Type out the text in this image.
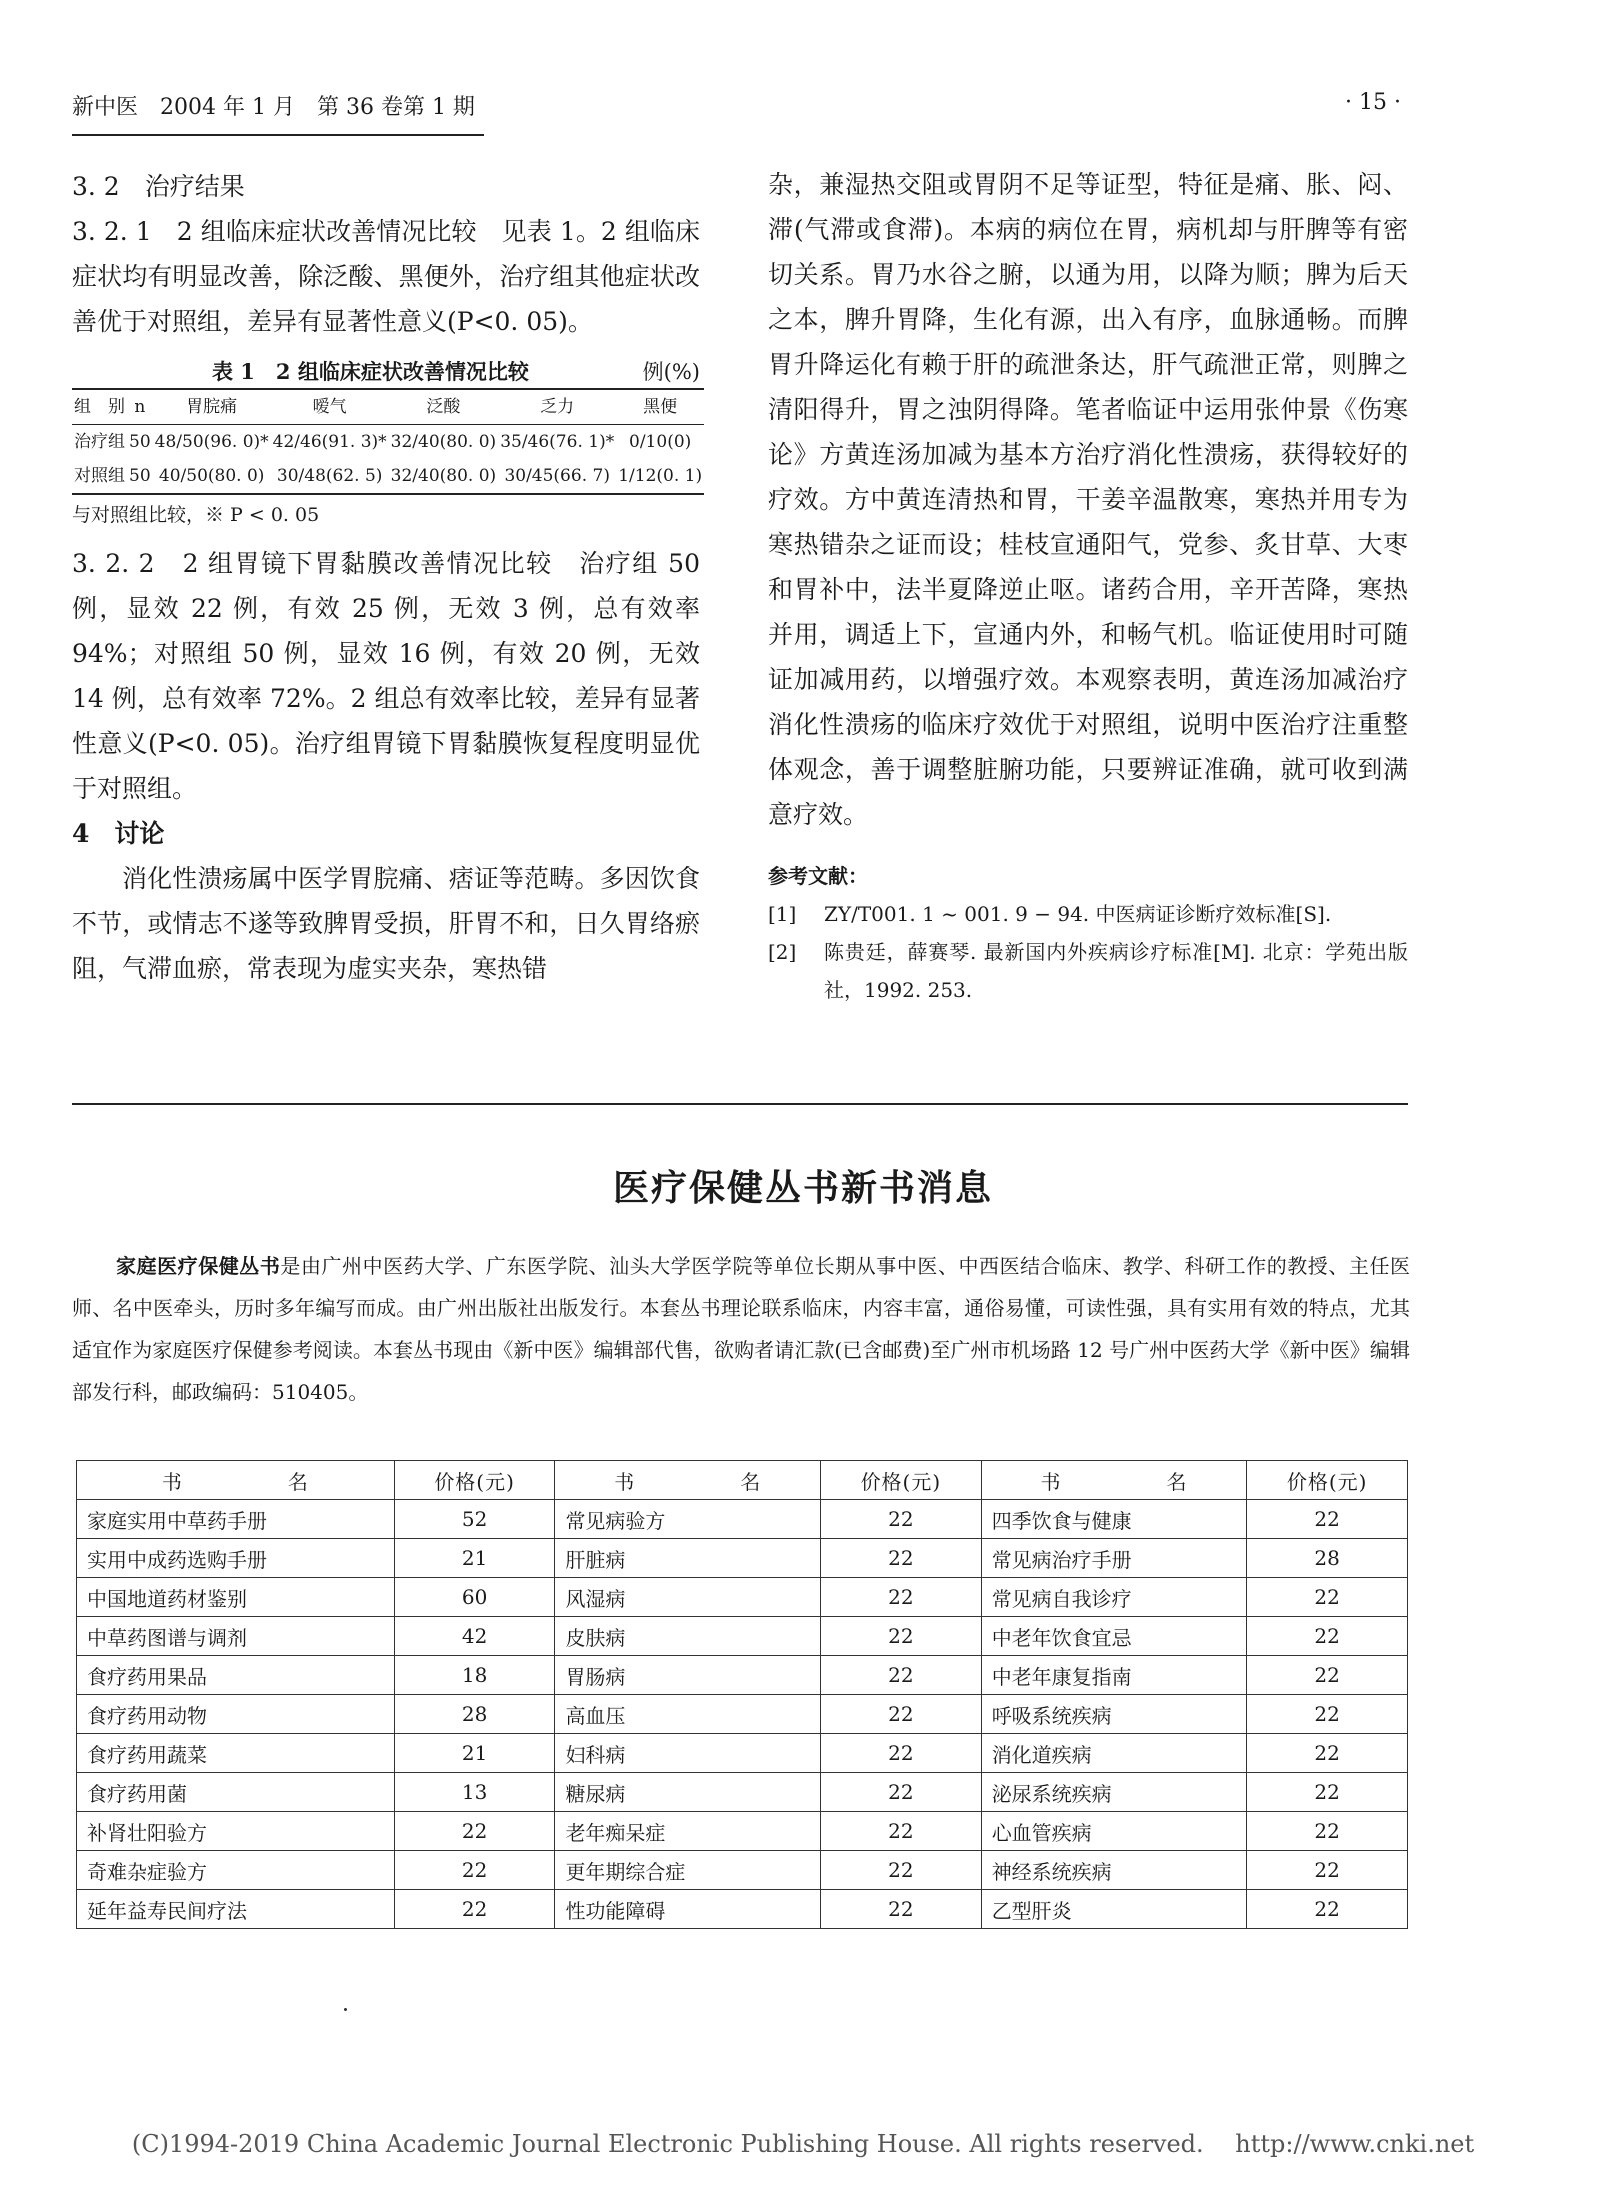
新中医　2004 年 1 月　第 36 卷第 1 期	· 15 ·

3. 2　治疗结果

3. 2. 1　2 组临床症状改善情况比较　见表 1。2 组临床症状均有明显改善，除泛酸、黑便外，治疗组其他症状改善优于对照组，差异有显著性意义(P<0. 05)。

表 1　2 组临床症状改善情况比较	例(%)
组　别	n	胃脘痛	嗳气	泛酸	乏力	黑便
治疗组	50	48/50(96. 0)*	42/46(91. 3)*	32/40(80. 0)	35/46(76. 1)*	0/10(0)
对照组	50	40/50(80. 0)	30/48(62. 5)	32/40(80. 0)	30/45(66. 7)	1/12(0. 1)
与对照组比较，※ P < 0. 05

3. 2. 2　2 组胃镜下胃黏膜改善情况比较　治疗组 50 例，显效 22 例，有效 25 例，无效 3 例，总有效率 94%；对照组 50 例，显效 16 例，有效 20 例，无效 14 例，总有效率 72%。2 组总有效率比较，差异有显著性意义(P<0. 05)。治疗组胃镜下胃黏膜恢复程度明显优于对照组。

4　讨论

消化性溃疡属中医学胃脘痛、痞证等范畴。多因饮食不节，或情志不遂等致脾胃受损，肝胃不和，日久胃络瘀阻，气滞血瘀，常表现为虚实夹杂，寒热错

杂，兼湿热交阻或胃阴不足等证型，特征是痛、胀、闷、滞(气滞或食滞)。本病的病位在胃，病机却与肝脾等有密切关系。胃乃水谷之腑，以通为用，以降为顺；脾为后天之本，脾升胃降，生化有源，出入有序，血脉通畅。而脾胃升降运化有赖于肝的疏泄条达，肝气疏泄正常，则脾之清阳得升，胃之浊阴得降。笔者临证中运用张仲景《伤寒论》方黄连汤加减为基本方治疗消化性溃疡，获得较好的疗效。方中黄连清热和胃，干姜辛温散寒，寒热并用专为寒热错杂之证而设；桂枝宣通阳气，党参、炙甘草、大枣和胃补中，法半夏降逆止呕。诸药合用，辛开苦降，寒热并用，调适上下，宣通内外，和畅气机。临证使用时可随证加减用药，以增强疗效。本观察表明，黄连汤加减治疗消化性溃疡的临床疗效优于对照组，说明中医治疗注重整体观念，善于调整脏腑功能，只要辨证准确，就可收到满意疗效。

参考文献：
[1]	ZY/T001. 1 ~ 001. 9 − 94. 中医病证诊断疗效标准[S].
[2]	陈贵廷，薛赛琴. 最新国内外疾病诊疗标准[M]. 北京：学苑出版社，1992. 253.
医疗保健丛书新书消息
家庭医疗保健丛书是由广州中医药大学、广东医学院、汕头大学医学院等单位长期从事中医、中西医结合临床、教学、科研工作的教授、主任医师、名中医牵头，历时多年编写而成。由广州出版社出版发行。本套丛书理论联系临床，内容丰富，通俗易懂，可读性强，具有实用有效的特点，尤其适宜作为家庭医疗保健参考阅读。本套丛书现由《新中医》编辑部代售，欲购者请汇款(已含邮费)至广州市机场路 12 号广州中医药大学《新中医》编辑部发行科，邮政编码：510405。
书　　　　　名	价格(元)	书　　　　　名	价格(元)	书　　　　　名	价格(元)
家庭实用中草药手册	52	常见病验方	22	四季饮食与健康	22
实用中成药选购手册	21	肝脏病	22	常见病治疗手册	28
中国地道药材鉴别	60	风湿病	22	常见病自我诊疗	22
中草药图谱与调剂	42	皮肤病	22	中老年饮食宜忌	22
食疗药用果品	18	胃肠病	22	中老年康复指南	22
食疗药用动物	28	高血压	22	呼吸系统疾病	22
食疗药用蔬菜	21	妇科病	22	消化道疾病	22
食疗药用菌	13	糖尿病	22	泌尿系统疾病	22
补肾壮阳验方	22	老年痴呆症	22	心血管疾病	22
奇难杂症验方	22	更年期综合症	22	神经系统疾病	22
延年益寿民间疗法	22	性功能障碍	22	乙型肝炎	22
(C)1994-2019 China Academic Journal Electronic Publishing House. All rights reserved.　 http://www.cnki.net
